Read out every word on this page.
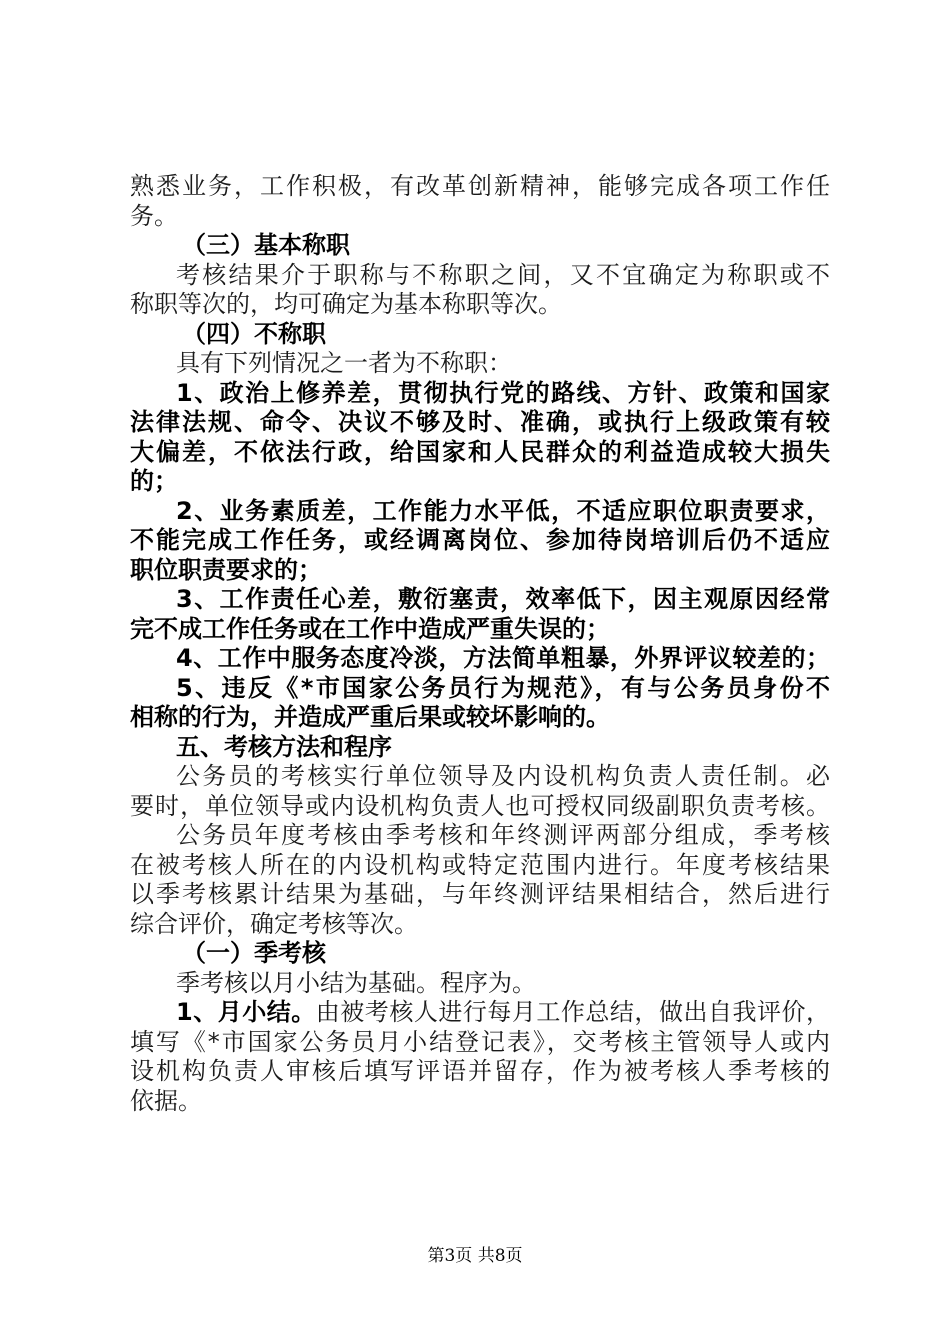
熟悉业务，工作积极，有改革创新精神，能够完成各项工作任
务。
（三）基本称职
考核结果介于职称与不称职之间，又不宜确定为称职或不
称职等次的，均可确定为基本称职等次。
（四）不称职
具有下列情况之一者为不称职：
1、政治上修养差，贯彻执行党的路线、方针、政策和国家
法律法规、命令、决议不够及时、准确，或执行上级政策有较
大偏差，不依法行政，给国家和人民群众的利益造成较大损失
的；
2、业务素质差，工作能力水平低，不适应职位职责要求，
不能完成工作任务，或经调离岗位、参加待岗培训后仍不适应
职位职责要求的；
3、工作责任心差，敷衍塞责，效率低下，因主观原因经常
完不成工作任务或在工作中造成严重失误的；
4、工作中服务态度冷淡，方法简单粗暴，外界评议较差的；
5、违反《*市国家公务员行为规范》，有与公务员身份不
相称的行为，并造成严重后果或较坏影响的。
五、考核方法和程序
公务员的考核实行单位领导及内设机构负责人责任制。必
要时，单位领导或内设机构负责人也可授权同级副职负责考核。
公务员年度考核由季考核和年终测评两部分组成，季考核
在被考核人所在的内设机构或特定范围内进行。年度考核结果
以季考核累计结果为基础，与年终测评结果相结合，然后进行
综合评价，确定考核等次。
（一）季考核
季考核以月小结为基础。程序为。
1、月小结。由被考核人进行每月工作总结，做出自我评价，
填写《*市国家公务员月小结登记表》，交考核主管领导人或内
设机构负责人审核后填写评语并留存，作为被考核人季考核的
依据。
第3页 共8页
